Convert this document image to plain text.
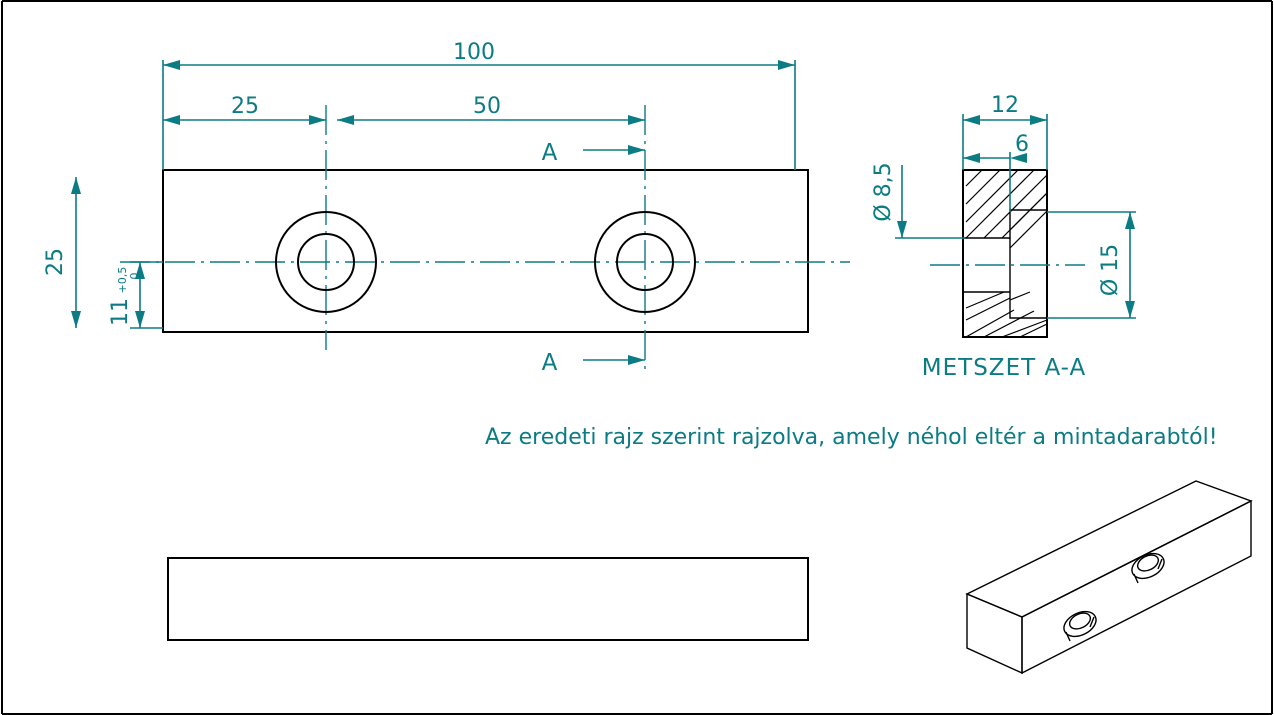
100
25	50
25
11
+0,5 0
A
A
12
6
Ø 8,5
Ø 15
METSZET A-A
Az eredeti rajz szerint rajzolva, amely néhol eltér a mintadarabtól!
